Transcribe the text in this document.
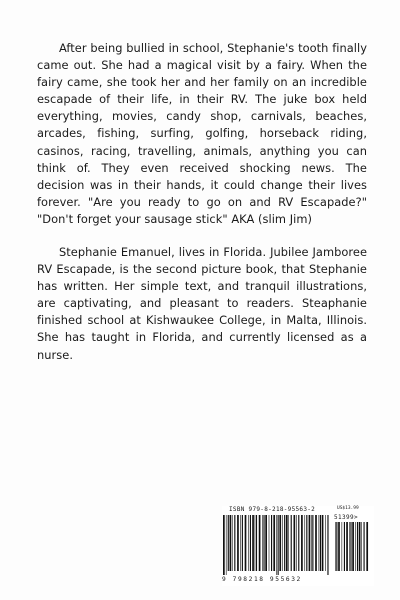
After being bullied in school, Stephanie's tooth finally came out. She had a magical visit by a fairy. When the fairy came, she took her and her family on an incredible escapade of their life, in their RV. The juke box held everything, movies, candy shop, carnivals, beaches, arcades, fishing, surfing, golfing, horseback riding, casinos, racing, travelling, animals, anything you can think of. They even received shocking news. The decision was in their hands, it could change their lives forever. "Are you ready to go on and RV Escapade?" "Don't forget your sausage stick" AKA (slim Jim)

Stephanie Emanuel, lives in Florida. Jubilee Jamboree RV Escapade, is the second picture book, that Stephanie has written. Her simple text, and tranquil illustrations, are captivating, and pleasant to readers. Steaphanie finished school at Kishwaukee College, in Malta, Illinois. She has taught in Florida, and currently licensed as a nurse.

ISBN 979-8-218-95563-2	US$13.99
51399>
9 798218 955632
